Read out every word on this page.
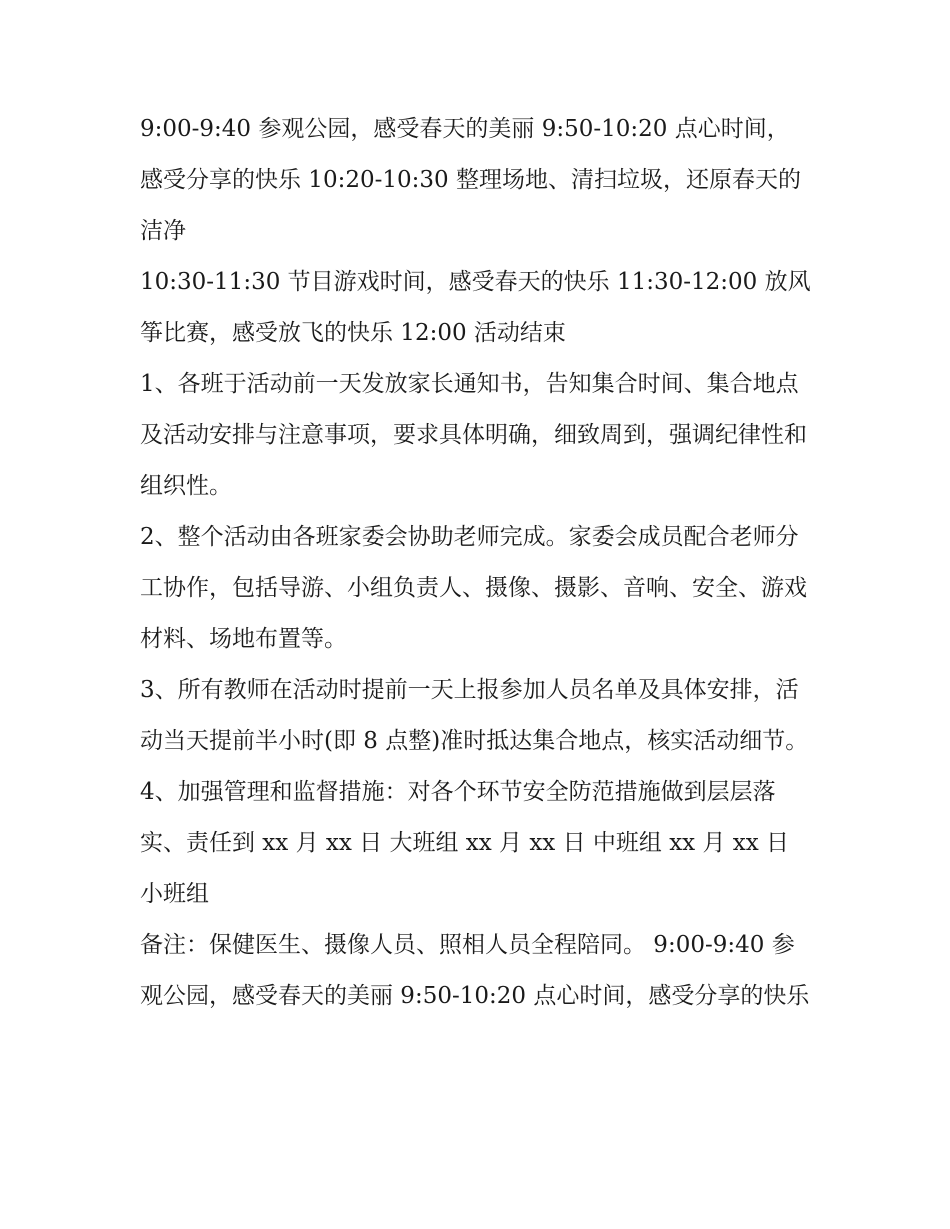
9:00-9:40 参观公园，感受春天的美丽 9:50-10:20 点心时间，感受分享的快乐 10:20-10:30 整理场地、清扫垃圾，还原春天的洁净

10:30-11:30 节目游戏时间，感受春天的快乐 11:30-12:00 放风筝比赛，感受放飞的快乐 12:00 活动结束

1、各班于活动前一天发放家长通知书，告知集合时间、集合地点及活动安排与注意事项，要求具体明确，细致周到，强调纪律性和组织性。

2、整个活动由各班家委会协助老师完成。家委会成员配合老师分工协作，包括导游、小组负责人、摄像、摄影、音响、安全、游戏材料、场地布置等。

3、所有教师在活动时提前一天上报参加人员名单及具体安排，活动当天提前半小时(即 8 点整)准时抵达集合地点，核实活动细节。

4、加强管理和监督措施：对各个环节安全防范措施做到层层落实、责任到 xx 月 xx 日 大班组 xx 月 xx 日 中班组 xx 月 xx 日 小班组

备注：保健医生、摄像人员、照相人员全程陪同。 9:00-9:40 参观公园，感受春天的美丽 9:50-10:20 点心时间，感受分享的快乐
